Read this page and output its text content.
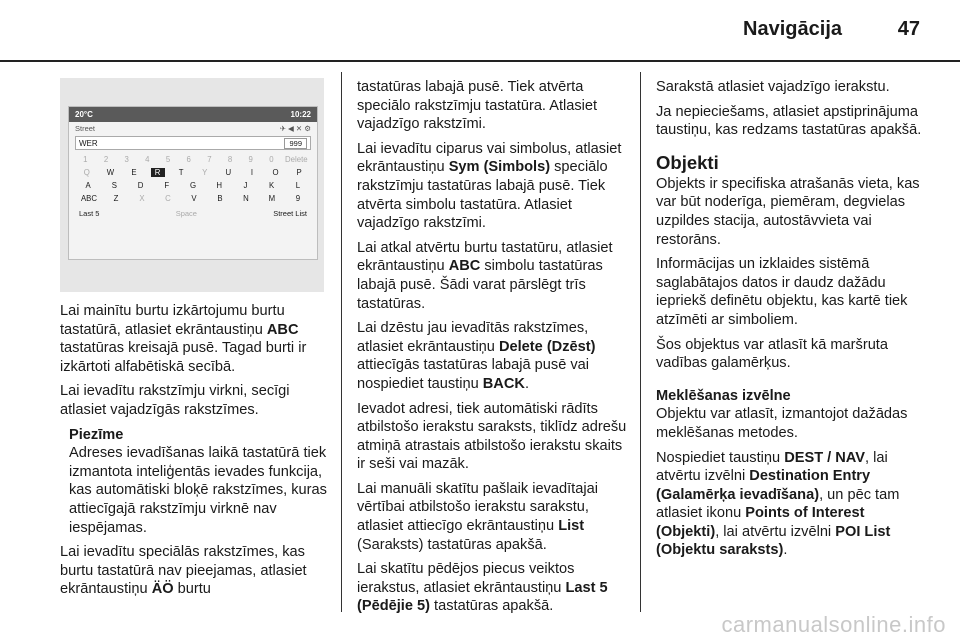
Navigācija	47
20°C	10:22
Street	✈ ◀ ✕ ⚙
WER	999
1	2	3	4	5	6	7	8	9	0	Delete
Q	W	E	R	T	Y	U	I	O	P
A	S	D	F	G	H	J	K	L
ABC	Z	X	C	V	B	N	M	9
Last 5	Space	Street List

Lai mainītu burtu izkārtojumu burtu tastatūrā, atlasiet ekrāntaustiņu ABC tastatūras kreisajā pusē. Tagad burti ir izkārtoti alfabētiskā secībā.

Lai ievadītu rakstzīmju virkni, secīgi atlasiet vajadzīgās rakstzīmes.

Piezīme

Adreses ievadīšanas laikā tastatūrā tiek izmantota inteliģentās ievades funkcija, kas automātiski bloķē rakstzīmes, kuras attiecīgajā rakstzīmju virknē nav iespējamas.

Lai ievadītu speciālās rakstzīmes, kas burtu tastatūrā nav pieejamas, atlasiet ekrāntaustiņu ÄÖ burtu

tastatūras labajā pusē. Tiek atvērta speciālo rakstzīmju tastatūra. Atlasiet vajadzīgo rakstzīmi.

Lai ievadītu ciparus vai simbolus, atlasiet ekrāntaustiņu Sym (Simbols) speciālo rakstzīmju tastatūras labajā pusē. Tiek atvērta simbolu tastatūra. Atlasiet vajadzīgo rakstzīmi.

Lai atkal atvērtu burtu tastatūru, atlasiet ekrāntaustiņu ABC simbolu tastatūras labajā pusē. Šādi varat pārslēgt trīs tastatūras.

Lai dzēstu jau ievadītās rakstzīmes, atlasiet ekrāntaustiņu Delete (Dzēst) attiecīgās tastatūras labajā pusē vai nospiediet taustiņu BACK.

Ievadot adresi, tiek automātiski rādīts atbilstošo ierakstu saraksts, tiklīdz adrešu atmiņā atrastais atbilstošo ierakstu skaits ir seši vai mazāk.

Lai manuāli skatītu pašlaik ievadītajai vērtībai atbilstošo ierakstu sarakstu, atlasiet attiecīgo ekrāntaustiņu List (Saraksts) tastatūras apakšā.

Lai skatītu pēdējos piecus veiktos ierakstus, atlasiet ekrāntaustiņu Last 5 (Pēdējie 5) tastatūras apakšā.

Sarakstā atlasiet vajadzīgo ierakstu.

Ja nepieciešams, atlasiet apstiprinājuma taustiņu, kas redzams tastatūras apakšā.

Objekti

Objekts ir specifiska atrašanās vieta, kas var būt noderīga, piemēram, degvielas uzpildes stacija, autostāvvieta vai restorāns.

Informācijas un izklaides sistēmā saglabātajos datos ir daudz dažādu iepriekš definētu objektu, kas kartē tiek atzīmēti ar simboliem.

Šos objektus var atlasīt kā maršruta vadības galamērķus.

Meklēšanas izvēlne

Objektu var atlasīt, izmantojot dažādas meklēšanas metodes.

Nospiediet taustiņu DEST / NAV, lai atvērtu izvēlni Destination Entry (Galamērķa ievadīšana), un pēc tam atlasiet ikonu Points of Interest (Objekti), lai atvērtu izvēlni POI List (Objektu saraksts).

carmanualsonline.info
